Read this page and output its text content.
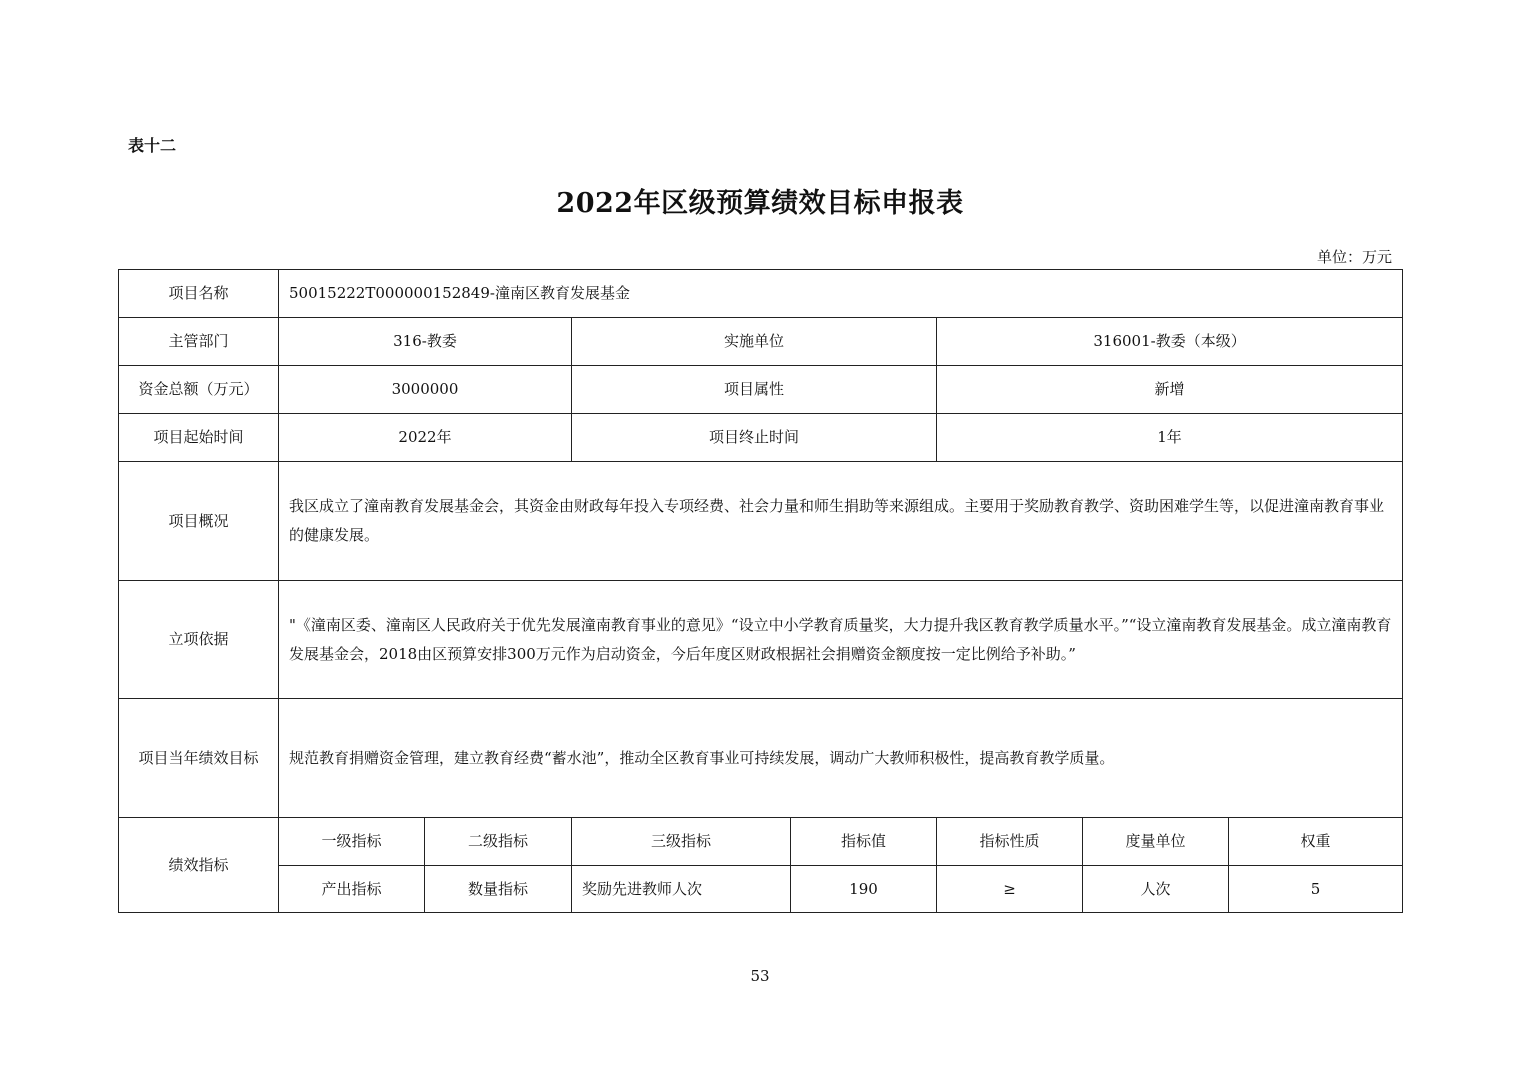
表十二
2022年区级预算绩效目标申报表
单位：万元
项目名称	50015222T000000152849-潼南区教育发展基金						
主管部门	316-教委		实施单位		316001-教委（本级）		
资金总额（万元）	3000000		项目属性		新增		
项目起始时间	2022年		项目终止时间		1年		
项目概况	我区成立了潼南教育发展基金会，其资金由财政每年投入专项经费、社会力量和师生捐助等来源组成。主要用于奖励教育教学、资助困难学生等，以促进潼南教育事业的健康发展。						
立项依据	"《潼南区委、潼南区人民政府关于优先发展潼南教育事业的意见》“设立中小学教育质量奖，大力提升我区教育教学质量水平。”“设立潼南教育发展基金。成立潼南教育发展基金会，2018由区预算安排300万元作为启动资金，今后年度区财政根据社会捐赠资金额度按一定比例给予补助。”						
项目当年绩效目标	规范教育捐赠资金管理，建立教育经费“蓄水池”，推动全区教育事业可持续发展，调动广大教师积极性，提高教育教学质量。						
绩效指标	一级指标	二级指标	三级指标	指标值	指标性质	度量单位	权重
	产出指标	数量指标	奖励先进教师人次	190	≥	人次	5
53
